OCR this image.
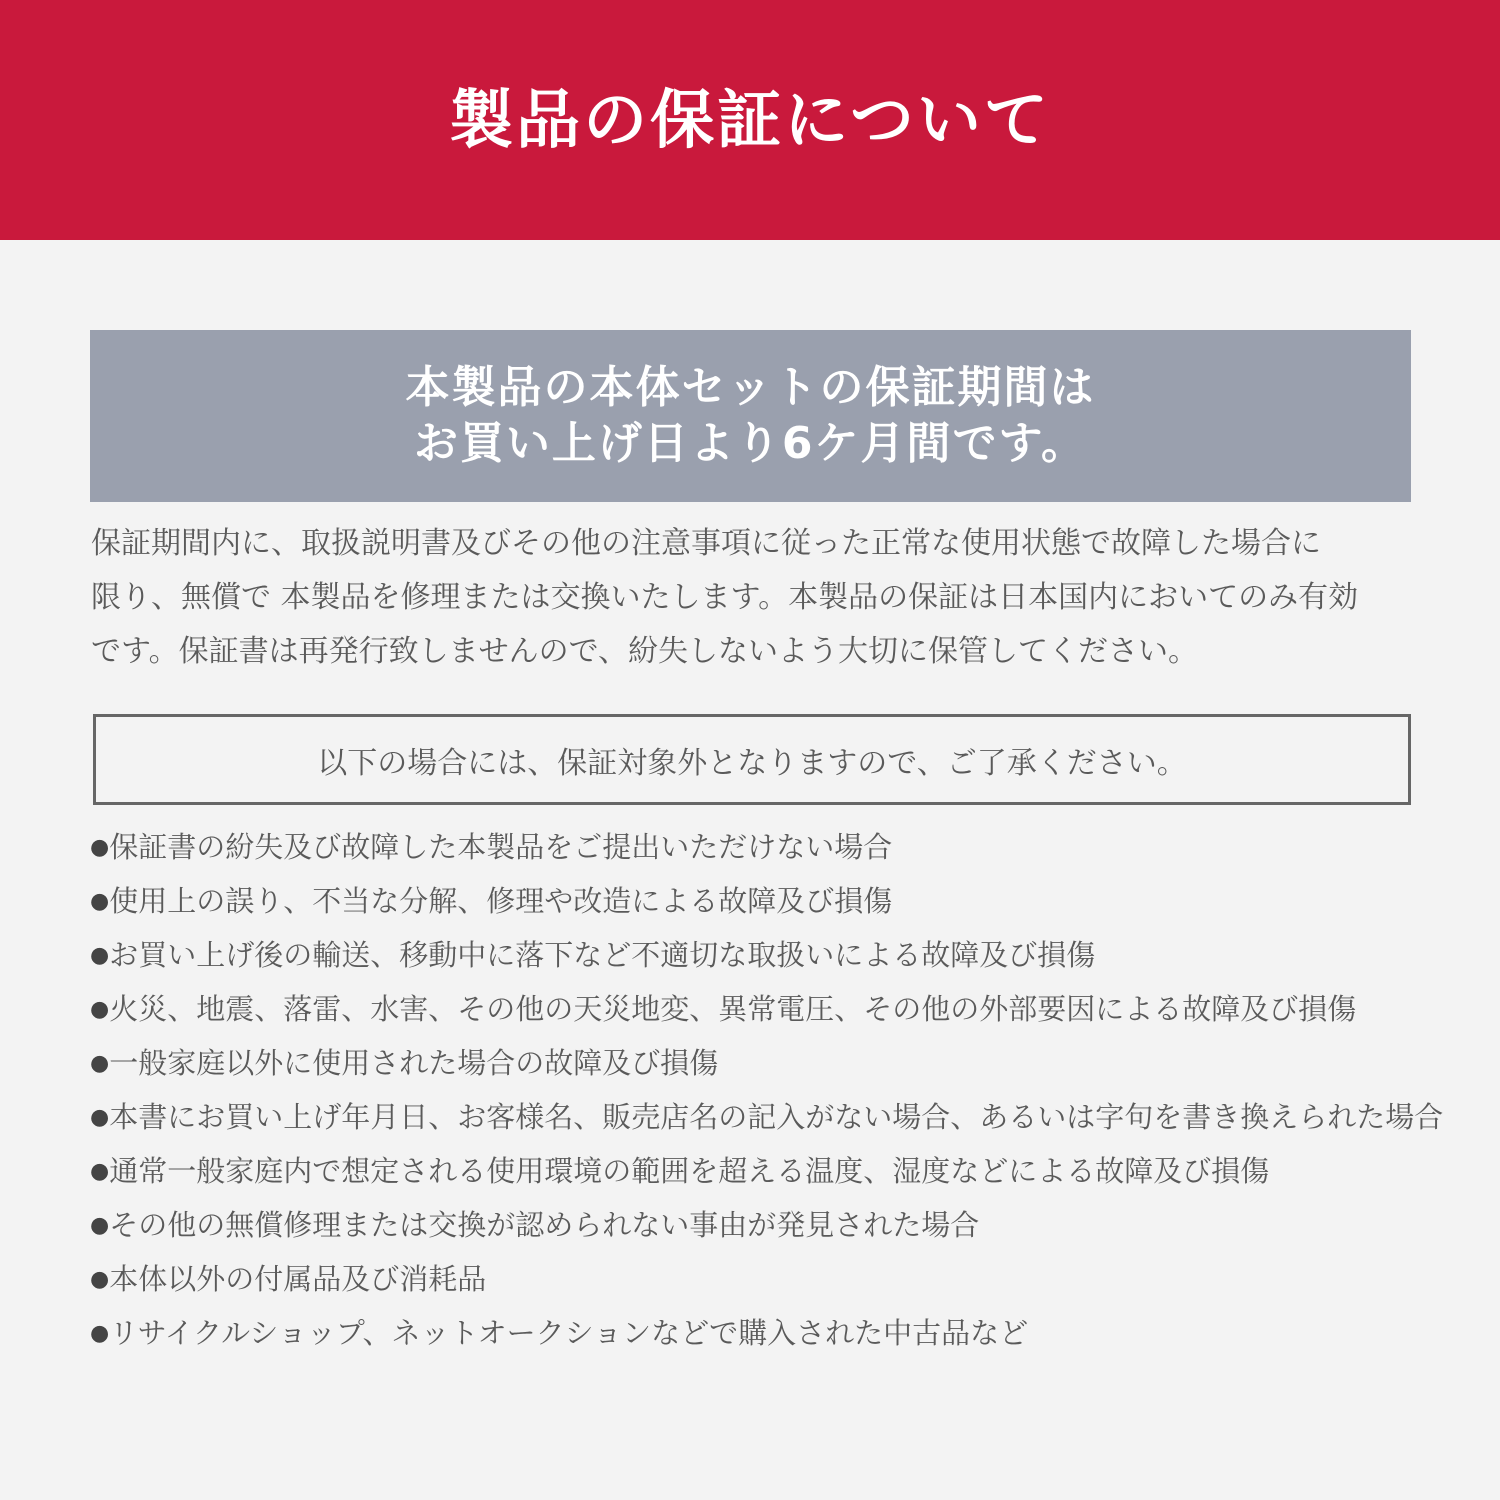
製品の保証について
本製品の本体セットの保証期間は
お買い上げ日より6ケ月間です。

保証期間内に、取扱説明書及びその他の注意事項に従った正常な使用状態で故障した場合に
限り、無償で 本製品を修理または交換いたします。本製品の保証は日本国内においてのみ有効
です。保証書は再発行致しませんので、紛失しないよう大切に保管してください。

以下の場合には、保証対象外となりますので、ご了承ください。
●保証書の紛失及び故障した本製品をご提出いただけない場合
●使用上の誤り、不当な分解、修理や改造による故障及び損傷
●お買い上げ後の輸送、移動中に落下など不適切な取扱いによる故障及び損傷
●火災、地震、落雷、水害、その他の天災地変、異常電圧、その他の外部要因による故障及び損傷
●一般家庭以外に使用された場合の故障及び損傷
●本書にお買い上げ年月日、お客様名、販売店名の記入がない場合、あるいは字句を書き換えられた場合
●通常一般家庭内で想定される使用環境の範囲を超える温度、湿度などによる故障及び損傷
●その他の無償修理または交換が認められない事由が発見された場合
●本体以外の付属品及び消耗品
●リサイクルショップ、ネットオークションなどで購入された中古品など
